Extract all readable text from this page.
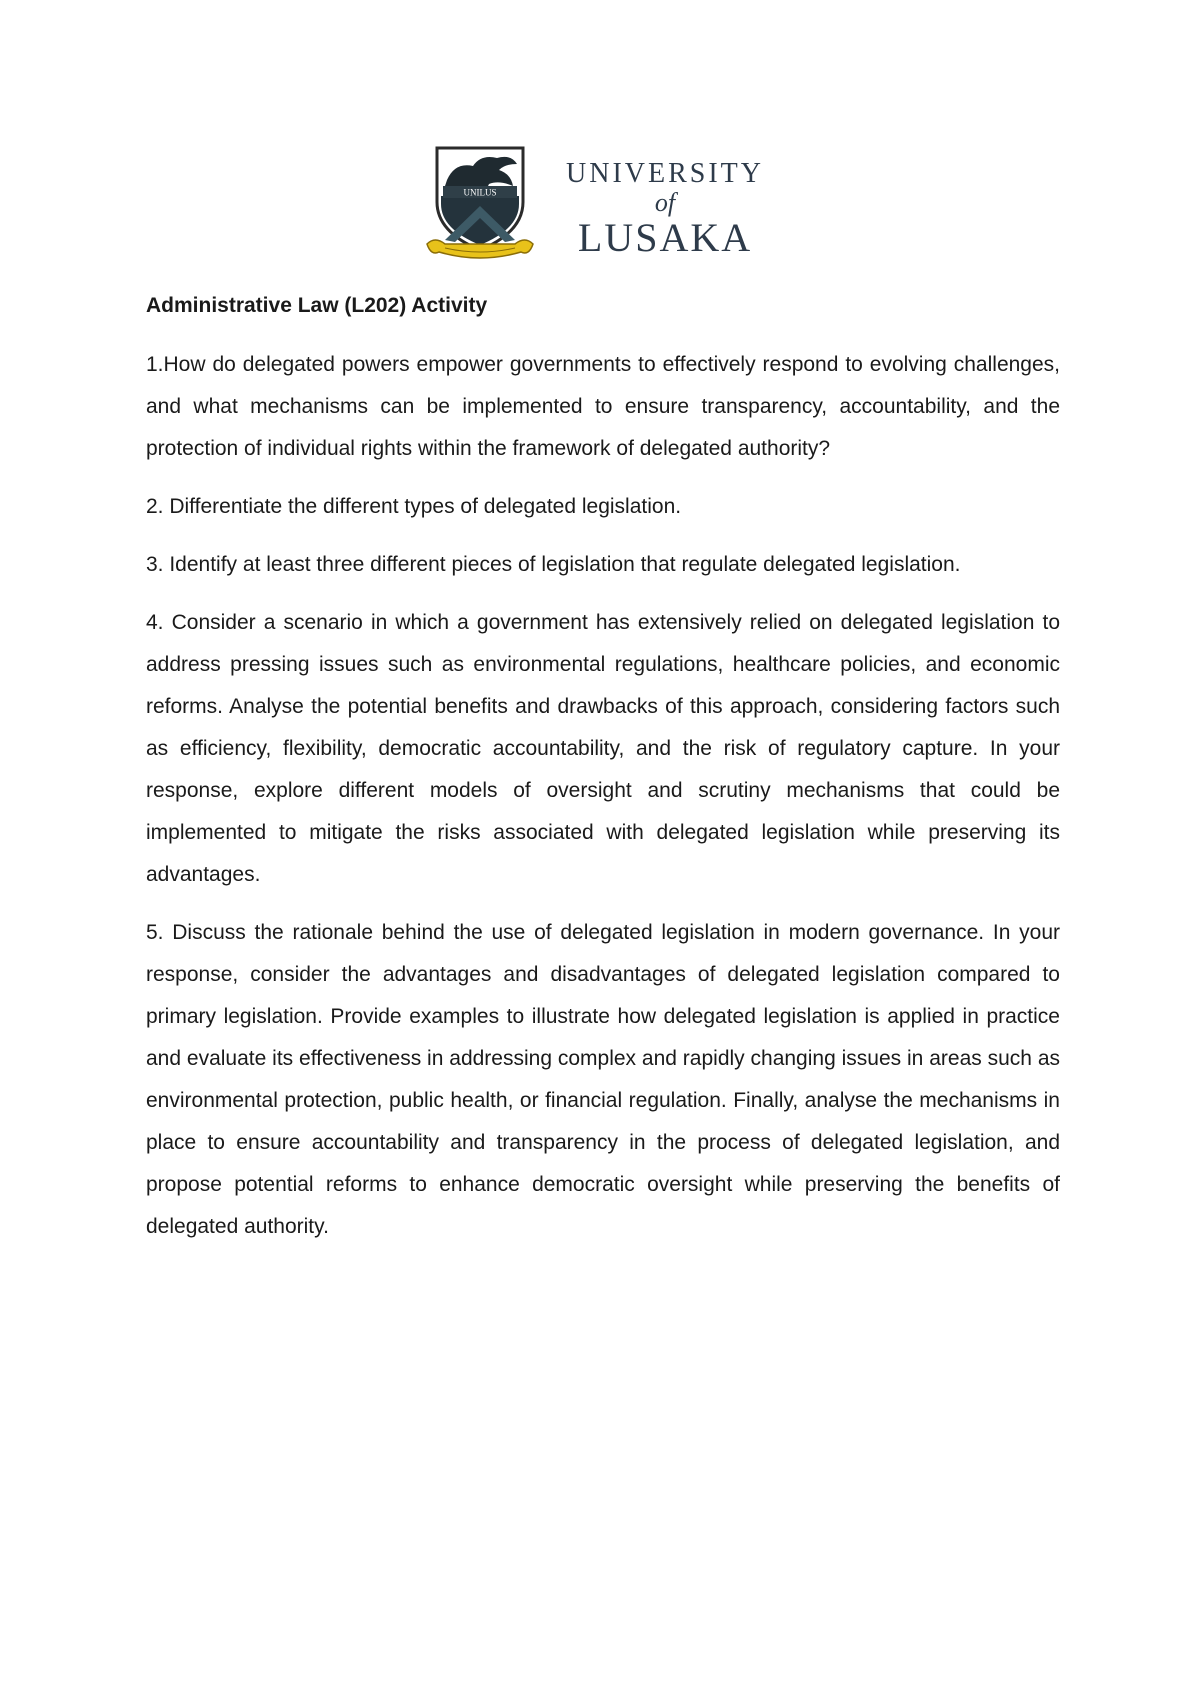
UNILUS
UNIVERSITY
of
LUSAKA

Administrative Law (L202) Activity

1.How do delegated powers empower governments to effectively respond to evolving challenges, and what mechanisms can be implemented to ensure transparency, accountability, and the protection of individual rights within the framework of delegated authority?

2. Differentiate the different types of delegated legislation.

3. Identify at least three different pieces of legislation that regulate delegated legislation.

4. Consider a scenario in which a government has extensively relied on delegated legislation to address pressing issues such as environmental regulations, healthcare policies, and economic reforms. Analyse the potential benefits and drawbacks of this approach, considering factors such as efficiency, flexibility, democratic accountability, and the risk of regulatory capture. In your response, explore different models of oversight and scrutiny mechanisms that could be implemented to mitigate the risks associated with delegated legislation while preserving its advantages.

5. Discuss the rationale behind the use of delegated legislation in modern governance. In your response, consider the advantages and disadvantages of delegated legislation compared to primary legislation. Provide examples to illustrate how delegated legislation is applied in practice and evaluate its effectiveness in addressing complex and rapidly changing issues in areas such as environmental protection, public health, or financial regulation. Finally, analyse the mechanisms in place to ensure accountability and transparency in the process of delegated legislation, and propose potential reforms to enhance democratic oversight while preserving the benefits of delegated authority.
